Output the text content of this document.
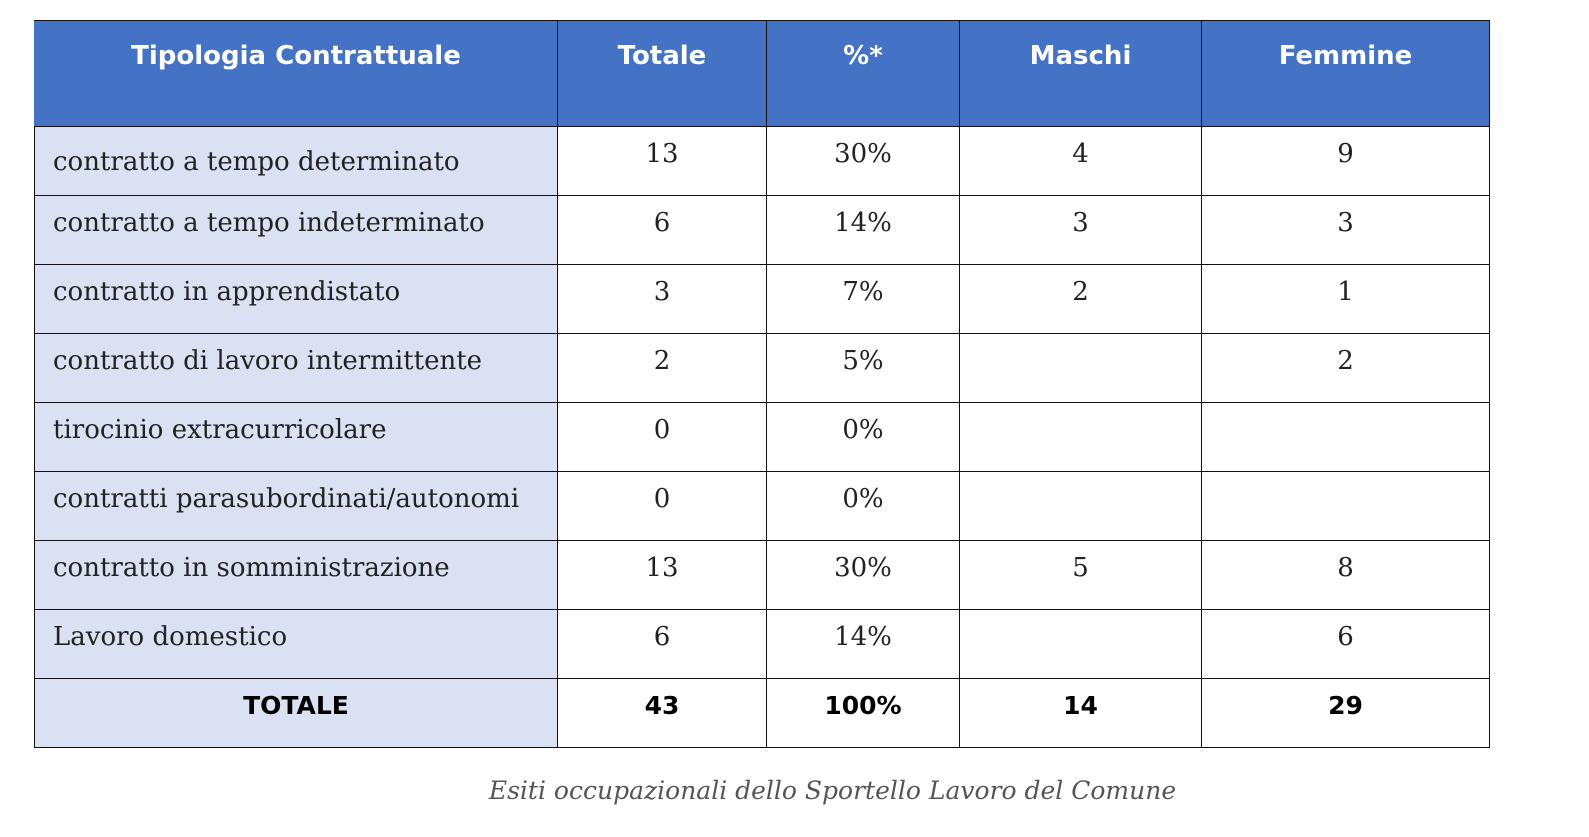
Tipologia Contrattuale	Totale	%*	Maschi	Femmine
contratto a tempo determinato	13	30%	4	9
contratto a tempo indeterminato	6	14%	3	3
contratto in apprendistato	3	7%	2	1
contratto di lavoro intermittente	2	5%		2
tirocinio extracurricolare	0	0%		
contratti parasubordinati/autonomi	0	0%		
contratto in somministrazione	13	30%	5	8
Lavoro domestico	6	14%		6
TOTALE	43	100%	14	29
Esiti occupazionali dello Sportello Lavoro del Comune
